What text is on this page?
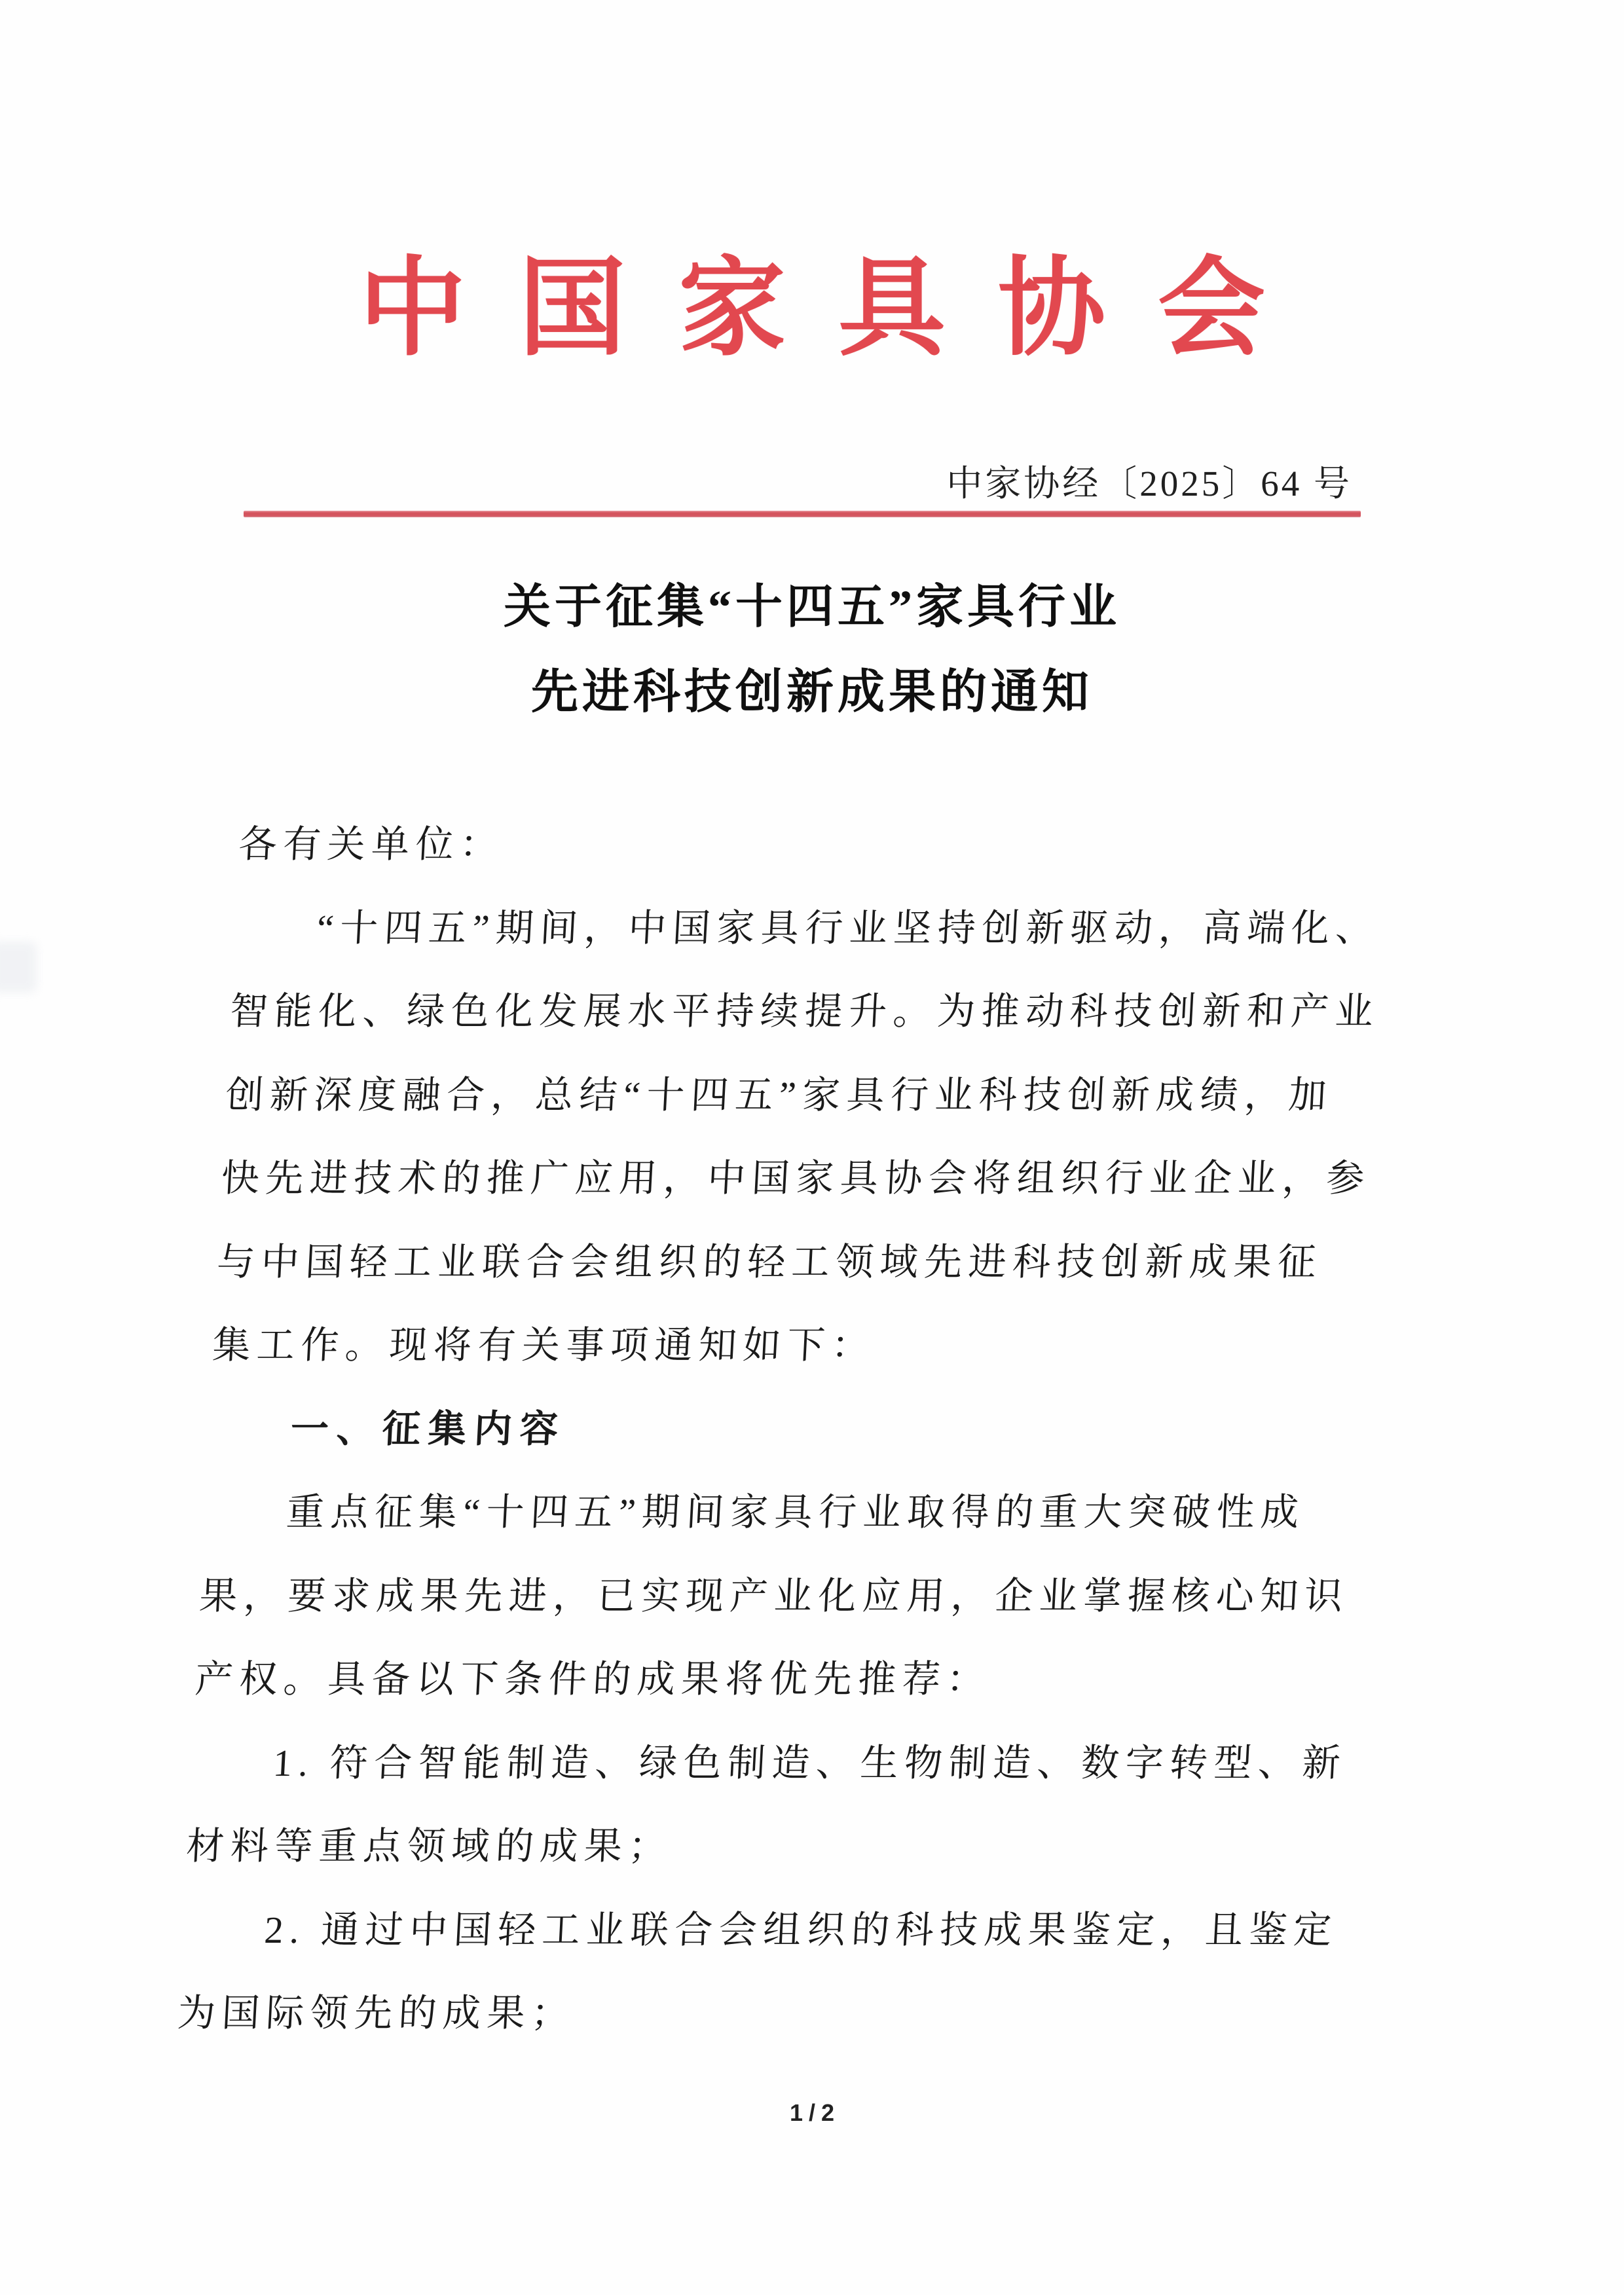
中国家具协会
中家协经〔2025〕64 号
关于征集“十四五”家具行业
先进科技创新成果的通知
各有关单位：
“十四五”期间，中国家具行业坚持创新驱动，高端化、
智能化、绿色化发展水平持续提升。为推动科技创新和产业
创新深度融合，总结“十四五”家具行业科技创新成绩，加
快先进技术的推广应用，中国家具协会将组织行业企业，参
与中国轻工业联合会组织的轻工领域先进科技创新成果征
集工作。现将有关事项通知如下：
一、征集内容
重点征集“十四五”期间家具行业取得的重大突破性成
果，要求成果先进，已实现产业化应用，企业掌握核心知识
产权。具备以下条件的成果将优先推荐：
1. 符合智能制造、绿色制造、生物制造、数字转型、新
材料等重点领域的成果；
2. 通过中国轻工业联合会组织的科技成果鉴定，且鉴定
为国际领先的成果；
1/2
